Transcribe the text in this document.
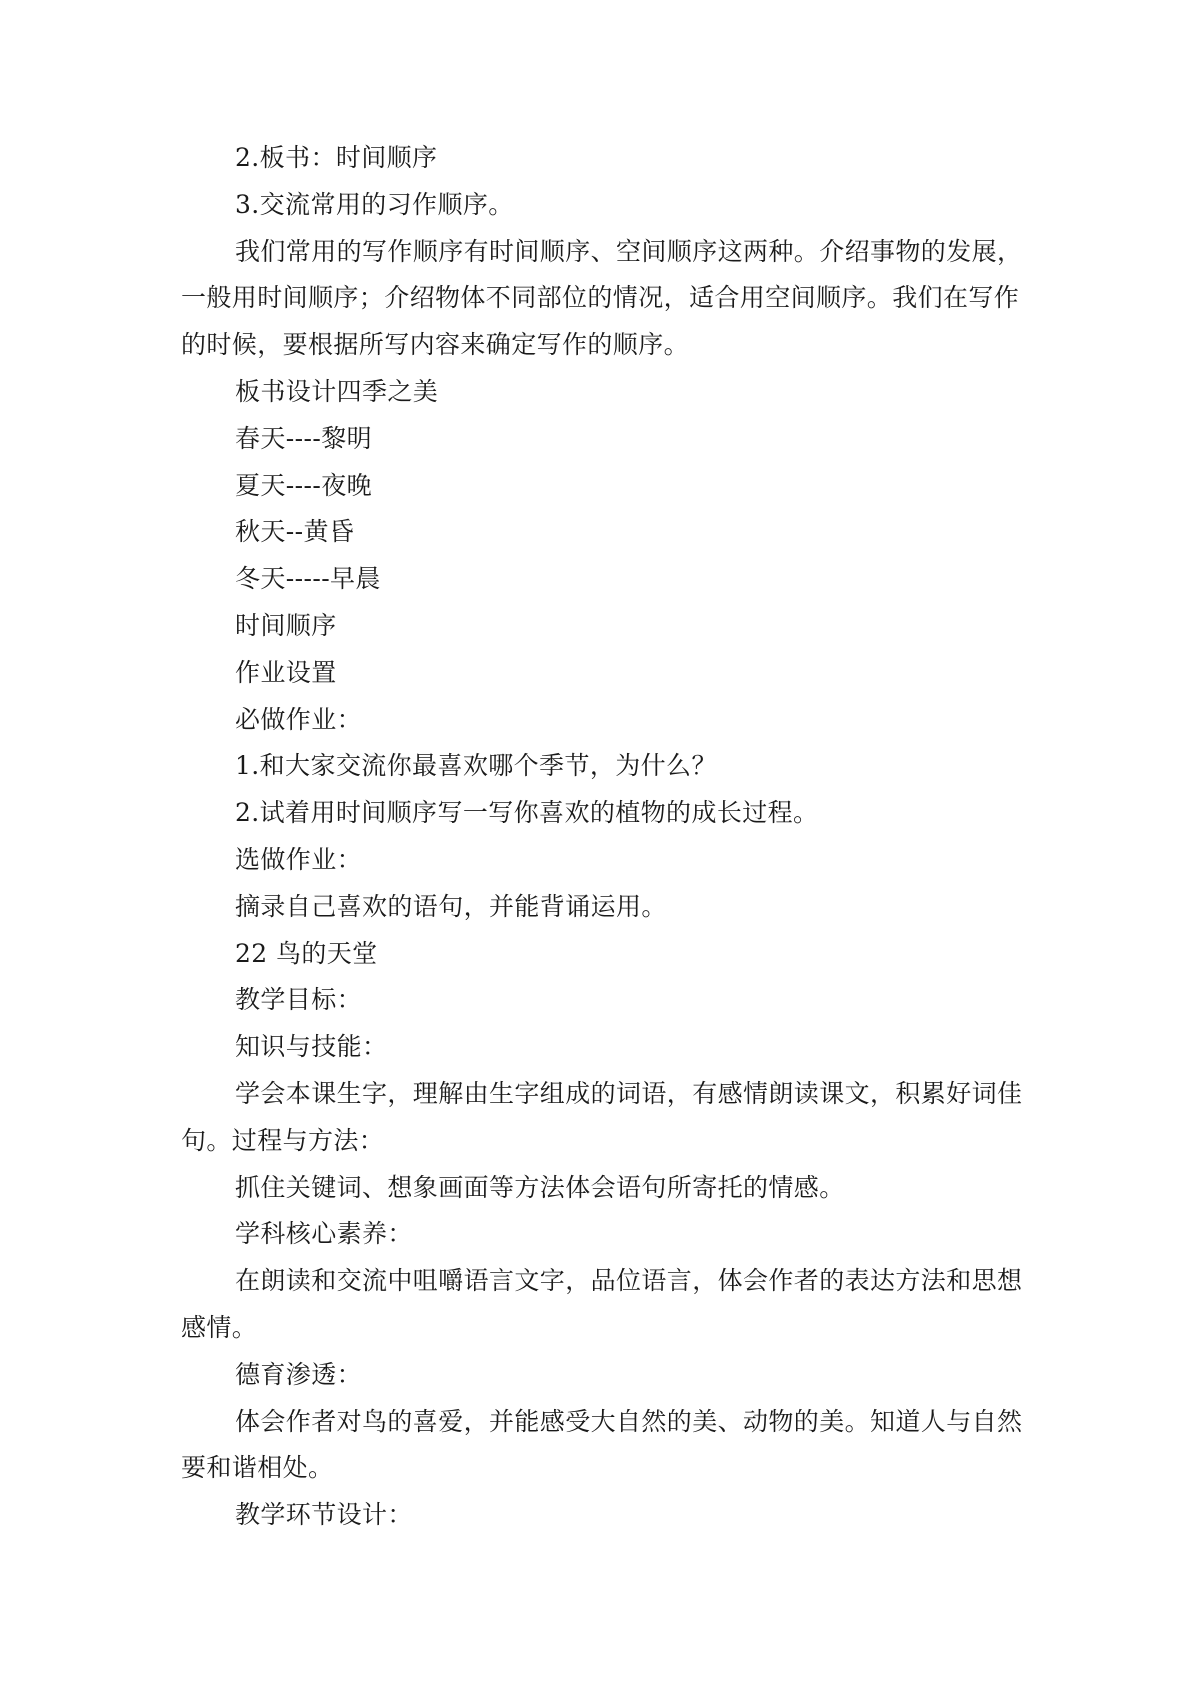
2.板书：时间顺序

3.交流常用的习作顺序。

我们常用的写作顺序有时间顺序、空间顺序这两种。介绍事物的发展，一般用时间顺序；介绍物体不同部位的情况，适合用空间顺序。我们在写作的时候，要根据所写内容来确定写作的顺序。

板书设计四季之美

春天----黎明

夏天----夜晚

秋天--黄昏

冬天-----早晨

时间顺序

作业设置

必做作业：

1.和大家交流你最喜欢哪个季节，为什么？

2.试着用时间顺序写一写你喜欢的植物的成长过程。

选做作业：

摘录自己喜欢的语句，并能背诵运用。

22 鸟的天堂

教学目标：

知识与技能：

学会本课生字，理解由生字组成的词语，有感情朗读课文，积累好词佳句。过程与方法：

抓住关键词、想象画面等方法体会语句所寄托的情感。

学科核心素养：

在朗读和交流中咀嚼语言文字，品位语言，体会作者的表达方法和思想感情。

德育渗透：

体会作者对鸟的喜爱，并能感受大自然的美、动物的美。知道人与自然要和谐相处。

教学环节设计：
